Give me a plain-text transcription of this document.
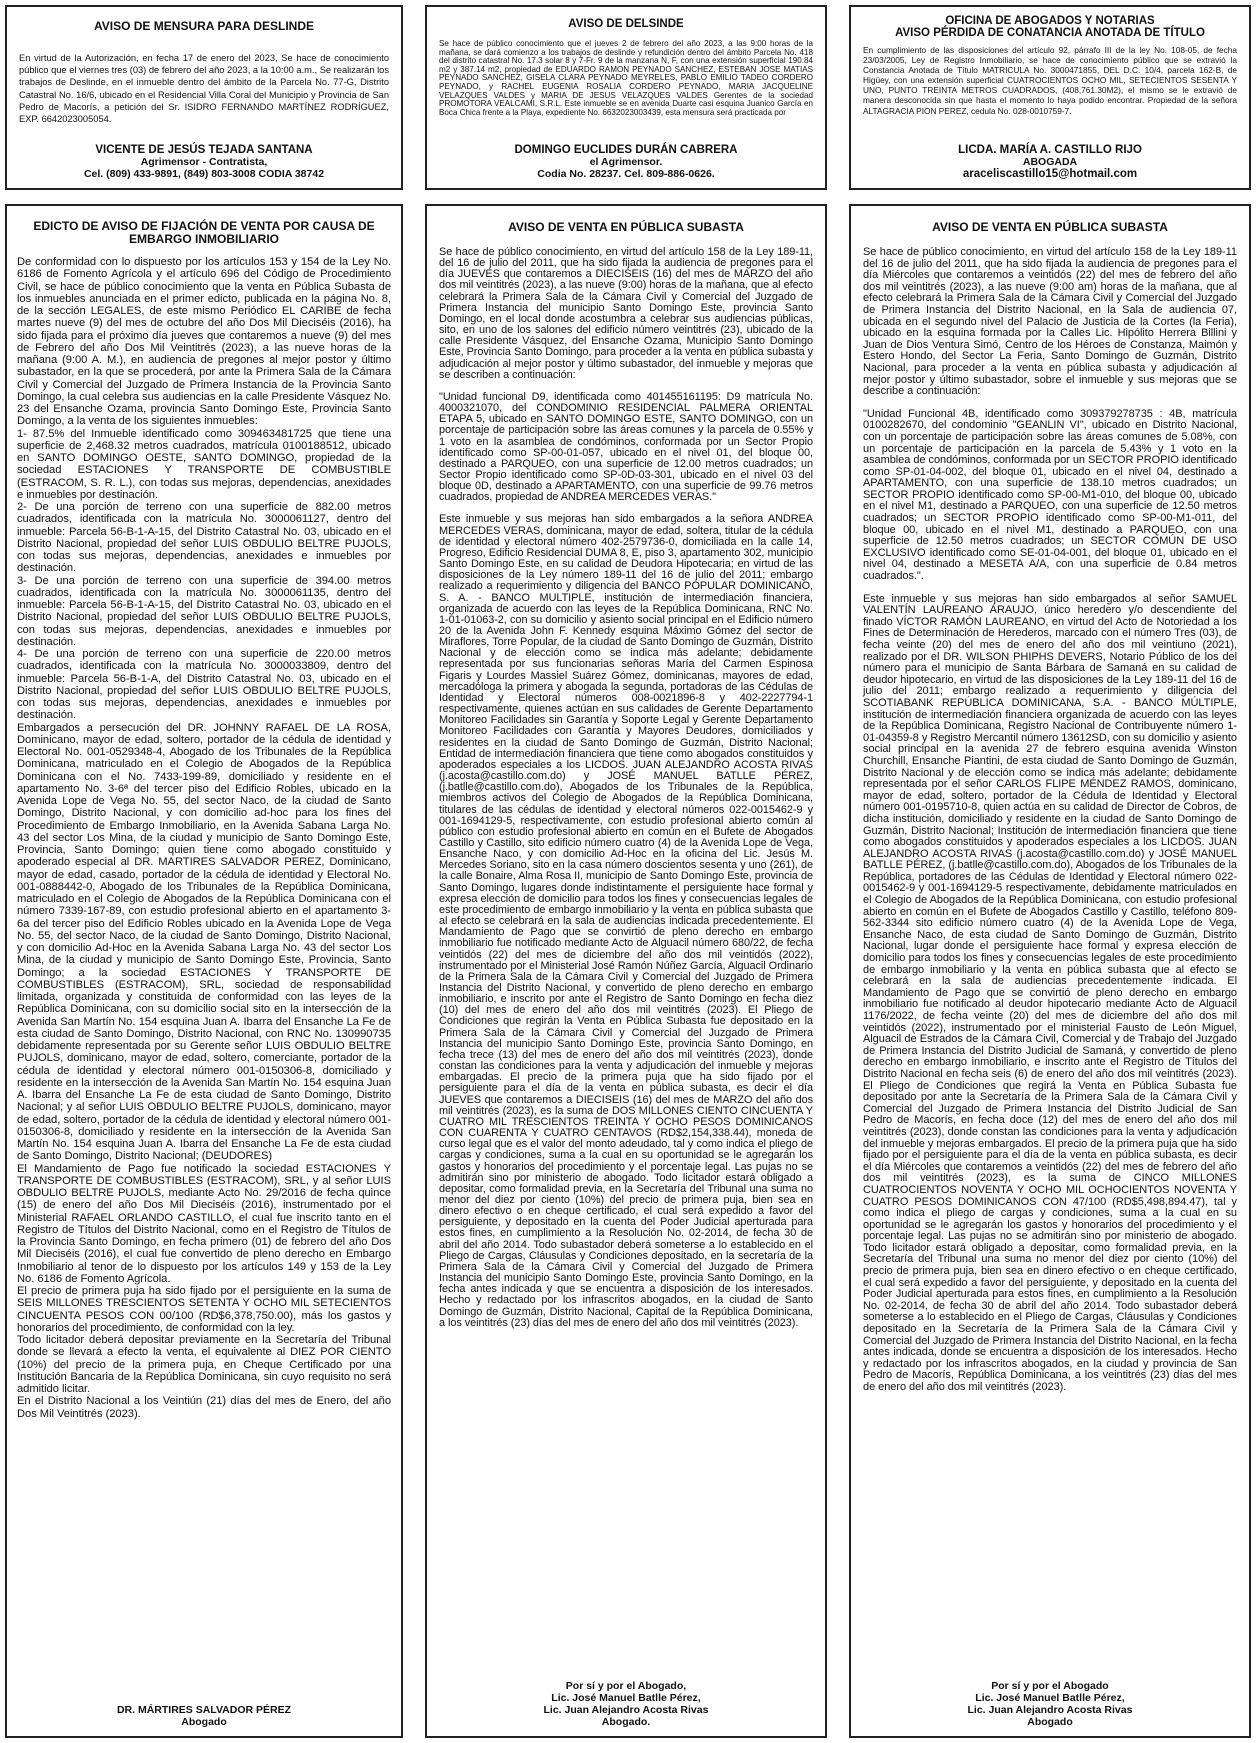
AVISO DE MENSURA PARA DESLINDE

En virtud de la Autorización, en fecha 17 de enero del 2023, Se hace de conocimiento público que el viernes tres (03) de febrero del año 2023, a la 10:00 a.m., Se realizarán los trabajos de Deslinde, en el inmueble dentro del ámbito de la Parcela No. 77-G, Distrito Catastral No. 16/6, ubicado en el Residencial Villa Coral del Municipio y Provincia de San Pedro de Macorís, a petición del Sr. ISIDRO FERNANDO MARTÍNEZ RODRÍGUEZ, EXP. 6642023005054.

VICENTE DE JESÚS TEJADA SANTANA
Agrimensor - Contratista,
Cel. (809) 433-9891, (849) 803-3008 CODIA 38742
AVISO DE DELSINDE

Se hace de público conocimiento que el jueves 2 de febrero del año 2023, a las 9:00 horas de la mañana, se dará comienzo a los trabajos de deslinde y refundición dentro del ámbito Parcela No. 418 del distrito catastral No. 17.3 solar 8 y 7-Fr. 9 de la manzana N, F, con una extensión superficial 190.84 m2 y 387.14 m2, propiedad de EDUARDO RAMON PEYNADO SANCHEZ, ESTEBAN JOSE MATIAS PEYNADO SANCHEZ, GISELA CLARA PEYNADO MEYRELES, PABLO EMILIO TADEO CORDERO PEYNADO, y RACHEL EUGENIA ROSALIA CORDERO PEYNADO, MARIA JACQUELINE VELAZQUES VALDES y MARIA DE JESUS VELAZQUES VALDES Gerentes de la sociedad PROMOTORA VEALCAMI, S.R.L. Este inmueble se en avenida Duarte casi esquina Juanico García en Boca Chica frente a la Playa, expediente No. 6632023003439, esta mensura será practicada por

DOMINGO EUCLIDES DURÁN CABRERA
el Agrimensor.
Codia No. 28237. Cel. 809-886-0626.
OFICINA DE ABOGADOS Y NOTARIAS
AVISO PÉRDIDA DE CONATANCIA ANOTADA DE TÍTULO

En cumplimiento de las disposiciones del artículo 92, párrafo III de la ley No. 108-05, de fecha 23/03/2005, Ley de Registro Inmobiliario, se hace de conocimiento público que se extravió la Constancia Anotada de Título MATRICULA No. 3000471855, DEL D.C. 10/4, parcela 162-B, de Higüey, con una extensión superficial CUATROCIENTOS OCHO MIL, SETECIENTOS SESENTA Y UNO, PUNTO TREINTA METROS CUADRADOS, (408,761.30M2), el mismo se le extravió de manera desconocida sin que hasta el momento lo haya podido encontrar. Propiedad de la señora ALTAGRACIA PION PEREZ, cedula No. 028-0010759-7.

LICDA. MARÍA A. CASTILLO RIJO
ABOGADA
araceliscastillo15@hotmail.com
EDICTO DE AVISO DE FIJACIÓN DE VENTA POR CAUSA DE
EMBARGO INMOBILIARIO

De conformidad con lo dispuesto por los artículos 153 y 154 de la Ley No. 6186 de Fomento Agrícola y el artículo 696 del Código de Procedimiento Civil, se hace de público conocimiento que la venta en Pública Subasta de los inmuebles anunciada en el primer edicto, publicada en la página No. 8, de la sección LEGALES, de este mismo Periódico EL CARIBE de fecha martes nueve (9) del mes de octubre del año Dos Mil Dieciséis (2016), ha sido fijada para el próximo día jueves que contaremos a nueve (9) del mes de Febrero del año Dos Mil Veintitrés (2023), a las nueve horas de la mañana (9:00 A. M.), en audiencia de pregones al mejor postor y último subastador, en la que se procederá, por ante la Primera Sala de la Cámara Civil y Comercial del Juzgado de Primera Instancia de la Provincia Santo Domingo, la cual celebra sus audiencias en la calle Presidente Vásquez No. 23 del Ensanche Ozama, provincia Santo Domingo Este, Provincia Santo Domingo, a la venta de los siguientes inmuebles:

1- 87.5% del Inmueble identificado como 309463481725 que tiene una superficie de 2,468.32 metros cuadrados, matrícula 0100188512, ubicado en SANTO DOMINGO OESTE, SANTO DOMINGO, propiedad de la sociedad ESTACIONES Y TRANSPORTE DE COMBUSTIBLE (ESTRACOM, S. R. L.), con todas sus mejoras, dependencias, anexidades e inmuebles por destinación.

2- De una porción de terreno con una superficie de 882.00 metros cuadrados, identificada con la matrícula No. 3000061127, dentro del inmueble: Parcela 56-B-1-A-15, del Distrito Catastral No. 03, ubicado en el Distrito Nacional, propiedad del señor LUIS OBDULIO BELTRE PUJOLS, con todas sus mejoras, dependencias, anexidades e inmuebles por destinación.

3- De una porción de terreno con una superficie de 394.00 metros cuadrados, identificada con la matrícula No. 3000061135, dentro del inmueble: Parcela 56-B-1-A-15, del Distrito Catastral No. 03, ubicado en el Distrito Nacional, propiedad del señor LUIS OBDULIO BELTRE PUJOLS, con todas sus mejoras, dependencias, anexidades e inmuebles por destinación.

4- De una porción de terreno con una superficie de 220.00 metros cuadrados, identificada con la matrícula No. 3000033809, dentro del inmueble: Parcela 56-B-1-A, del Distrito Catastral No. 03, ubicado en el Distrito Nacional, propiedad del señor LUIS OBDULIO BELTRE PUJOLS, con todas sus mejoras, dependencias, anexidades e inmuebles por destinación.

Embargados a persecución del DR. JOHNNY RAFAEL DE LA ROSA, Dominicano, mayor de edad, soltero, portador de la cédula de identidad y Electoral No. 001-0529348-4, Abogado de los Tribunales de la República Dominicana, matriculado en el Colegio de Abogados de la República Dominicana con el No. 7433-199-89, domiciliado y residente en el apartamento No. 3-6ª del tercer piso del Edificio Robles, ubicado en la Avenida Lope de Vega No. 55, del sector Naco, de la ciudad de Santo Domingo, Distrito Nacional, y con domicilio ad-hoc para los fines del Procedimiento de Embargo Inmobiliario, en la Avenida Sabana Larga No. 43 del sector Los Mina, de la ciudad y municipio de Santo Domingo Este, Provincia, Santo Domingo; quien tiene como abogado constituido y apoderado especial al DR. MARTIRES SALVADOR PEREZ, Dominicano, mayor de edad, casado, portador de la cédula de identidad y Electoral No. 001-0888442-0, Abogado de los Tribunales de la República Dominicana, matriculado en el Colegio de Abogados de la República Dominicana con el número 7339-167-89, con estudio profesional abierto en el apartamento 3-6a del tercer piso del Edificio Robles ubicado en la Avenida Lope de Vega No. 55, del sector Naco, de la ciudad de Santo Domingo, Distrito Nacional, y con domicilio Ad-Hoc en la Avenida Sabana Larga No. 43 del sector Los Mina, de la ciudad y municipio de Santo Domingo Este, Provincia, Santo Domingo; a la sociedad ESTACIONES Y TRANSPORTE DE COMBUSTIBLES (ESTRACOM), SRL, sociedad de responsabilidad limitada, organizada y constituida de conformidad con las leyes de la República Dominicana, con su domicilio social sito en la intersección de la Avenida San Martín No. 154 esquina Juan A. Ibarra del Ensanche La Fe de esta ciudad de Santo Domingo, Distrito Nacional, con RNC No. 130990735 debidamente representada por su Gerente señor LUIS OBDULIO BELTRE PUJOLS, dominicano, mayor de edad, soltero, comerciante, portador de la cédula de identidad y electoral número 001-0150306-8, domiciliado y residente en la intersección de la Avenida San Martín No. 154 esquina Juan A. Ibarra del Ensanche La Fe de esta ciudad de Santo Domingo, Distrito Nacional; y al señor LUIS OBDULIO BELTRE PUJOLS, dominicano, mayor de edad, soltero, portador de la cédula de identidad y electoral número 001-0150306-8, domiciliado y residente en la intersección de la Avenida San Martín No. 154 esquina Juan A. Ibarra del Ensanche La Fe de esta ciudad de Santo Domingo, Distrito Nacional; (DEUDORES)

El Mandamiento de Pago fue notificado la sociedad ESTACIONES Y TRANSPORTE DE COMBUSTIBLES (ESTRACOM), SRL, y al señor LUIS OBDULIO BELTRE PUJOLS, mediante Acto No. 29/2016 de fecha quince (15) de enero del año Dos Mil Dieciséis (2016), instrumentado por el Ministerial RAFAEL ORLANDO CASTILLO, el cual fue inscrito tanto en el Registro de Títulos del Distrito Nacional, como en el Registro de Títulos de la Provincia Santo Domingo, en fecha primero (01) de febrero del año Dos Mil Dieciséis (2016), el cual fue convertido de pleno derecho en Embargo Inmobiliario al tenor de lo dispuesto por los artículos 149 y 153 de la Ley No. 6186 de Fomento Agrícola.

El precio de primera puja ha sido fijado por el persiguiente en la suma de SEIS MILLONES TRESCIENTOS SETENTA Y OCHO MIL SETECIENTOS CINCUENTA PESOS CON 00/100 (RD$6,378,750.00), más los gastos y honorarios del procedimiento, de conformidad con la ley.

Todo licitador deberá depositar previamente en la Secretaría del Tribunal donde se llevará a efecto la venta, el equivalente al DIEZ POR CIENTO (10%) del precio de la primera puja, en Cheque Certificado por una Institución Bancaria de la República Dominicana, sin cuyo requisito no será admitido licitar.

En el Distrito Nacional a los Veintiún (21) días del mes de Enero, del año Dos Mil Veintitrés (2023).

DR. MÁRTIRES SALVADOR PÉREZ
Abogado
AVISO DE VENTA EN PÚBLICA SUBASTA

Se hace de público conocimiento, en virtud del artículo 158 de la Ley 189-11, del 16 de julio del 2011, que ha sido fijada la audiencia de pregones para el día JUEVES que contaremos a DIECISEIS (16) del mes de MARZO del año dos mil veintitrés (2023), a las nueve (9:00) horas de la mañana, que al efecto celebrará la Primera Sala de la Cámara Civil y Comercial del Juzgado de Primera Instancia del municipio Santo Domingo Este, provincia Santo Domingo, en el local donde acostumbra a celebrar sus audiencias públicas, sito, en uno de los salones del edificio número veintitrés (23), ubicado de la calle Presidente Vásquez, del Ensanche Ozama, Municipio Santo Domingo Este, Provincia Santo Domingo, para proceder a la venta en pública subasta y adjudicación al mejor postor y último subastador, del inmueble y mejoras que se describen a continuación:

"Unidad funcional D9, identificada como 401455161195: D9 matrícula No. 4000321070, del CONDOMINIO RESIDENCIAL PALMERA ORIENTAL ETAPA 5, ubicado en SANTO DOMINGO ESTE, SANTO DOMINGO, con un porcentaje de participación sobre las áreas comunes y la parcela de 0.55% y 1 voto en la asamblea de condóminos, conformada por un Sector Propio identificado como SP-00-01-057, ubicado en el nivel 01, del bloque 00, destinado a PARQUEO, con una superficie de 12.00 metros cuadrados; un Sector Propio identificado como SP-0D-03-301, ubicado en el nivel 03 del bloque 0D, destinado a APARTAMENTO, con una superficie de 99.76 metros cuadrados, propiedad de ANDREA MERCEDES VERAS."

Este inmueble y sus mejoras han sido embargados a la señora ANDREA MERCEDES VERAS, dominicana, mayor de edad, soltera, titular de la cédula de identidad y electoral número 402-2579736-0, domiciliada en la calle 14, Progreso, Edificio Residencial DUMA 8, E, piso 3, apartamento 302, municipio Santo Domingo Este, en su calidad de Deudora Hipotecaria; en virtud de las disposiciones de la Ley número 189-11 del 16 de julio del 2011; embargo realizado a requerimiento y diligencia del BANCO POPULAR DOMINICANO, S. A. - BANCO MULTIPLE, institución de intermediación financiera, organizada de acuerdo con las leyes de la República Dominicana, RNC No. 1-01-01063-2, con su domicilio y asiento social principal en el Edificio número 20 de la Avenida John F. Kennedy esquina Máximo Gómez del sector de Miraflores, Torre Popular, de la ciudad de Santo Domingo de Guzmán, Distrito Nacional y de elección como se indica más adelante; debidamente representada por sus funcionarias señoras María del Carmen Espinosa Figaris y Lourdes Massiel Suárez Gómez, dominicanas, mayores de edad, mercadóloga la primera y abogada la segunda, portadoras de las Cédulas de Identidad y Electoral números 008-0021896-8 y 402-2227794-1 respectivamente, quienes actúan en sus calidades de Gerente Departamento Monitoreo Facilidades sin Garantía y Soporte Legal y Gerente Departamento Monitoreo Facilidades con Garantía y Mayores Deudores, domiciliados y residentes en la ciudad de Santo Domingo de Guzmán, Distrito Nacional; Entidad de intermediación financiera que tiene como abogados constituidos y apoderados especiales a los LICDOS. JUAN ALEJANDRO ACOSTA RIVAS (j.acosta@castillo.com.do) y JOSÉ MANUEL BATLLE PÉREZ, (j.batlle@castillo.com.do), Abogados de los Tribunales de la República, miembros activos del Colegio de Abogados de la República Dominicana, titulares de las cédulas de identidad y electoral números 022-0015462-9 y 001-1694129-5, respectivamente, con estudio profesional abierto común al público con estudio profesional abierto en común en el Bufete de Abogados Castillo y Castillo, sito edificio número cuatro (4) de la Avenida Lope de Vega, Ensanche Naco, y con domicilio Ad-Hoc en la oficina del Lic. Jesús M. Mercedes Soriano, sito en la casa número doscientos sesenta y uno (261), de la calle Bonaire, Alma Rosa II, municipio de Santo Domingo Este, provincia de Santo Domingo, lugares donde indistintamente el persiguiente hace formal y expresa elección de domicilio para todos los fines y consecuencias legales de este procedimiento de embargo inmobiliario y la venta en pública subasta que al efecto se celebrará en la sala de audiencias indicada precedentemente. El Mandamiento de Pago que se convirtió de pleno derecho en embargo inmobiliario fue notificado mediante Acto de Alguacil número 680/22, de fecha veintidós (22) del mes de diciembre del año dos mil veintidós (2022), instrumentado por el Ministerial José Ramón Núñez García, Alguacil Ordinario de la Primera Sala de la Cámara Civil y Comercial del Juzgado de Primera Instancia del Distrito Nacional, y convertido de pleno derecho en embargo inmobiliario, e inscrito por ante el Registro de Santo Domingo en fecha diez (10) del mes de enero del año dos mil veintitrés (2023). El Pliego de Condiciones que regirán la Venta en Pública Subasta fue depositado en la Primera Sala de la Cámara Civil y Comercial del Juzgado de Primera Instancia del municipio Santo Domingo Este, provincia Santo Domingo, en fecha trece (13) del mes de enero del año dos mil veintitrés (2023), donde constan las condiciones para la venta y adjudicación del inmueble y mejoras embargadas. El precio de la primera puja que ha sido fijado por el persiguiente para el día de la venta en pública subasta, es decir el día JUEVES que contaremos a DIECISEIS (16) del mes de MARZO del año dos mil veintitrés (2023), es la suma de DOS MILLONES CIENTO CINCUENTA Y CUATRO MIL TRESCIENTOS TREINTA Y OCHO PESOS DOMINICANOS CON CUARENTA Y CUATRO CENTAVOS (RD$2,154,338.44), moneda de curso legal que es el valor del monto adeudado, tal y como indica el pliego de cargas y condiciones, suma a la cual en su oportunidad se le agregarán los gastos y honorarios del procedimiento y el porcentaje legal. Las pujas no se admitirán sino por ministerio de abogado. Todo licitador estará obligado a depositar, como formalidad previa, en la Secretaría del Tribunal una suma no menor del diez por ciento (10%) del precio de primera puja, bien sea en dinero efectivo o en cheque certificado, el cual será expedido a favor del persiguiente, y depositado en la cuenta del Poder Judicial aperturada para estos fines, en cumplimiento a la Resolución No. 02-2014, de fecha 30 de abril del año 2014. Todo subastador deberá someterse a lo establecido en el Pliego de Cargas, Cláusulas y Condiciones depositado, en la secretaría de la Primera Sala de la Cámara Civil y Comercial del Juzgado de Primera Instancia del municipio Santo Domingo Este, provincia Santo Domingo, en la fecha antes indicada y que se encuentra a disposición de los interesados. Hecho y redactado por los infrascritos abogados, en la ciudad de Santo Domingo de Guzmán, Distrito Nacional, Capital de la República Dominicana, a los veintitrés (23) días del mes de enero del año dos mil veintitrés (2023).

Por sí y por el Abogado,
Lic. José Manuel Batlle Pérez,
Lic. Juan Alejandro Acosta Rivas
Abogado.
AVISO DE VENTA EN PÚBLICA SUBASTA

Se hace de público conocimiento, en virtud del artículo 158 de la Ley 189-11 del 16 de julio del 2011, que ha sido fijada la audiencia de pregones para el día Miércoles que contaremos a veintidós (22) del mes de febrero del año dos mil veintitrés (2023), a las nueve (9:00 am) horas de la mañana, que al efecto celebrará la Primera Sala de la Cámara Civil y Comercial del Juzgado de Primera Instancia del Distrito Nacional, en la Sala de audiencia 07, ubicada en el segundo nivel del Palacio de Justicia de la Cortes (la Feria), ubicado en la esquina formada por la Calles Lic. Hipólito Herrera Billini y Juan de Dios Ventura Simó, Centro de los Héroes de Constanza, Maimón y Estero Hondo, del Sector La Feria, Santo Domingo de Guzmán, Distrito Nacional, para proceder a la venta en pública subasta y adjudicación al mejor postor y último subastador, sobre el inmueble y sus mejoras que se describe a continuación:

"Unidad Funcional 4B, identificado como 309379278735 : 4B, matrícula 0100282670, del condominio "GEANLIN VI", ubicado en Distrito Nacional, con un porcentaje de participación sobre las áreas comunes de 5.08%, con un porcentaje de participación en la parcela de 5.43% y 1 voto en la asamblea de condóminos, conformada por un SECTOR PROPIO identificado como SP-01-04-002, del bloque 01, ubicado en el nivel 04, destinado a APARTAMENTO, con una superficie de 138.10 metros cuadrados; un SECTOR PROPIO identificado como SP-00-M1-010, del bloque 00, ubicado en el nivel M1, destinado a PARQUEO, con una superficie de 12.50 metros cuadrados; un SECTOR PROPIO identificado como SP-00-M1-011, del bloque 00, ubicado en el nivel M1, destinado a PARQUEO, con una superficie de 12.50 metros cuadrados; un SECTOR COMÚN DE USO EXCLUSIVO identificado como SE-01-04-001, del bloque 01, ubicado en el nivel 04, destinado a MESETA A/A, con una superficie de 0.84 metros cuadrados.".

Este inmueble y sus mejoras han sido embargados al señor SAMUEL VALENTÍN LAUREANO ARAUJO, único heredero y/o descendiente del finado VÍCTOR RAMÓN LAUREANO, en virtud del Acto de Notoriedad a los Fines de Determinación de Herederos, marcado con el número Tres (03), de fecha veinte (20) del mes de enero del año dos mil veintiuno (2021), realizado por el DR. WILSON PHIPHS DEVERS, Notario Público de los del número para el municipio de Santa Bárbara de Samaná en su calidad de deudor hipotecario, en virtud de las disposiciones de la Ley 189-11 del 16 de julio del 2011; embargo realizado a requerimiento y diligencia del SCOTIABANK REPÚBLICA DOMINICANA, S.A. - BANCO MÚLTIPLE, institución de intermediación financiera organizada de acuerdo con las leyes de la República Dominicana, Registro Nacional de Contribuyente número 1-01-04359-8 y Registro Mercantil número 13612SD, con su domicilio y asiento social principal en la avenida 27 de febrero esquina avenida Winston Churchill, Ensanche Piantini, de esta ciudad de Santo Domingo de Guzmán, Distrito Nacional y de elección como se indica más adelante; debidamente representada por el señor CARLOS FLIPE MÉNDEZ RAMOS, dominicano, mayor de edad, soltero, portador de la Cédula de Identidad y Electoral número 001-0195710-8, quien actúa en su calidad de Director de Cobros, de dicha institución, domiciliado y residente en la ciudad de Santo Domingo de Guzmán, Distrito Nacional; Institución de intermediación financiera que tiene como abogados constituidos y apoderados especiales a los LICDOS. JUAN ALEJANDRO ACOSTA RIVAS (j.acosta@castillo.com.do) y JOSÉ MANUEL BATLLE PÉREZ, (j.batlle@castillo.com.do), Abogados de los Tribunales de la República, portadores de las Cédulas de Identidad y Electoral número 022-0015462-9 y 001-1694129-5 respectivamente, debidamente matriculados en el Colegio de Abogados de la República Dominicana, con estudio profesional abierto en común en el Bufete de Abogados Castillo y Castillo, teléfono 809-562-3344 sito edificio número cuatro (4) de la Avenida Lope de Vega, Ensanche Naco, de esta ciudad de Santo Domingo de Guzmán, Distrito Nacional, lugar donde el persiguiente hace formal y expresa elección de domicilio para todos los fines y consecuencias legales de este procedimiento de embargo inmobiliario y la venta en pública subasta que al efecto se celebrará en la sala de audiencias precedentemente indicada. El Mandamiento de Pago que se convirtió de pleno derecho en embargo inmobiliario fue notificado al deudor hipotecario mediante Acto de Alguacil 1176/2022, de fecha veinte (20) del mes de diciembre del año dos mil veintidós (2022), instrumentado por el ministerial Fausto de León Miguel, Alguacil de Estrados de la Cámara Civil, Comercial y de Trabajo del Juzgado de Primera Instancia del Distrito Judicial de Samaná, y convertido de pleno derecho en embargo inmobiliario, e inscrito ante el Registro de Títulos del Distrito Nacional en fecha seis (6) de enero del año dos mil veintitrés (2023). El Pliego de Condiciones que regirá la Venta en Pública Subasta fue depositado por ante la Secretaría de la Primera Sala de la Cámara Civil y Comercial del Juzgado de Primera Instancia del Distrito Judicial de San Pedro de Macorís, en fecha doce (12) del mes de enero del año dos mil veintitrés (2023), donde constan las condiciones para la venta y adjudicación del inmueble y mejoras embargados. El precio de la primera puja que ha sido fijado por el persiguiente para el día de la venta en pública subasta, es decir el día Miércoles que contaremos a veintidós (22) del mes de febrero del año dos mil veintitrés (2023), es la suma de CINCO MILLONES CUATROCIENTOS NOVENTA Y OCHO MIL OCHOCIENTOS NOVENTA Y CUATRO PESOS DOMINICANOS CON 47/100 (RD$5,498,894.47), tal y como indica el pliego de cargas y condiciones, suma a la cual en su oportunidad se le agregarán los gastos y honorarios del procedimiento y el porcentaje legal. Las pujas no se admitirán sino por ministerio de abogado. Todo licitador estará obligado a depositar, como formalidad previa, en la Secretaría del Tribunal una suma no menor del diez por ciento (10%) del precio de primera puja, bien sea en dinero efectivo o en cheque certificado, el cual será expedido a favor del persiguiente, y depositado en la cuenta del Poder Judicial aperturada para estos fines, en cumplimiento a la Resolución No. 02-2014, de fecha 30 de abril del año 2014. Todo subastador deberá someterse a lo establecido en el Pliego de Cargas, Cláusulas y Condiciones depositado en la Secretaría de la Primera Sala de la Cámara Civil y Comercial del Juzgado de Primera Instancia del Distrito Nacional, en la fecha antes indicada, donde se encuentra a disposición de los interesados. Hecho y redactado por los infrascritos abogados, en la ciudad y provincia de San Pedro de Macorís, República Dominicana, a los veintitrés (23) días del mes de enero del año dos mil veintitrés (2023).

Por sí y por el Abogado
Lic. José Manuel Batlle Pérez,
Lic. Juan Alejandro Acosta Rivas
Abogado
